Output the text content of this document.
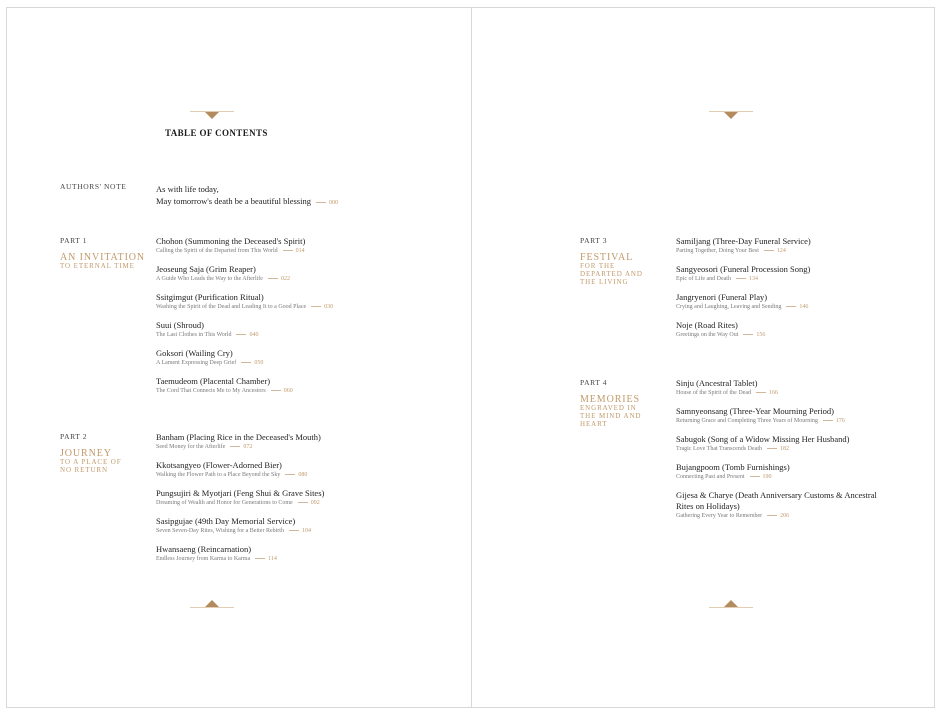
TABLE OF CONTENTS
AUTHORS' NOTE	As with life today,
May tomorrow's death be a beautiful blessing	000
PART 1
AN INVITATION
TO ETERNAL TIME
Chohon (Summoning the Deceased's Spirit)
Calling the Spirit of the Departed from This World	014
Jeoseung Saja (Grim Reaper)
A Guide Who Leads the Way to the Afterlife	022
Ssitgimgut (Purification Ritual)
Washing the Spirit of the Dead and Leading It to a Good Place	030
Suui (Shroud)
The Last Clothes in This World	040
Goksori (Wailing Cry)
A Lament Expressing Deep Grief	050
Taemudeom (Placental Chamber)
The Cord That Connects Me to My Ancestors	060
PART 2
JOURNEY
TO A PLACE OF NO RETURN
Banham (Placing Rice in the Deceased's Mouth)
Seed Money for the Afterlife	072
Kkotsangyeo (Flower-Adorned Bier)
Walking the Flower Path to a Place Beyond the Sky	080
Pungsujiri & Myotjari (Feng Shui & Grave Sites)
Dreaming of Wealth and Honor for Generations to Come	092
Sasipgujae (49th Day Memorial Service)
Seven Seven-Day Rites, Wishing for a Better Rebirth	104
Hwansaeng (Reincarnation)
Endless Journey from Karma to Karma	114
PART 3
FESTIVAL
FOR THE DEPARTED AND THE LIVING
Samiljang (Three-Day Funeral Service)
Parting Together, Doing Your Best	124
Sangyeosori (Funeral Procession Song)
Epic of Life and Death	134
Jangryenori (Funeral Play)
Crying and Laughing, Leaving and Sending	146
Noje (Road Rites)
Greetings on the Way Out	156
PART 4
MEMORIES
ENGRAVED IN THE MIND AND HEART
Sinju (Ancestral Tablet)
House of the Spirit of the Dead	166
Samnyeonsang (Three-Year Mourning Period)
Returning Grace and Completing Three Years of Mourning	176
Sabugok (Song of a Widow Missing Her Husband)
Tragic Love That Transcends Death	182
Bujangpoom (Tomb Furnishings)
Connecting Past and Present	190
Gijesa & Charye (Death Anniversary Customs & Ancestral
Rites on Holidays)
Gathering Every Year to Remember	206
